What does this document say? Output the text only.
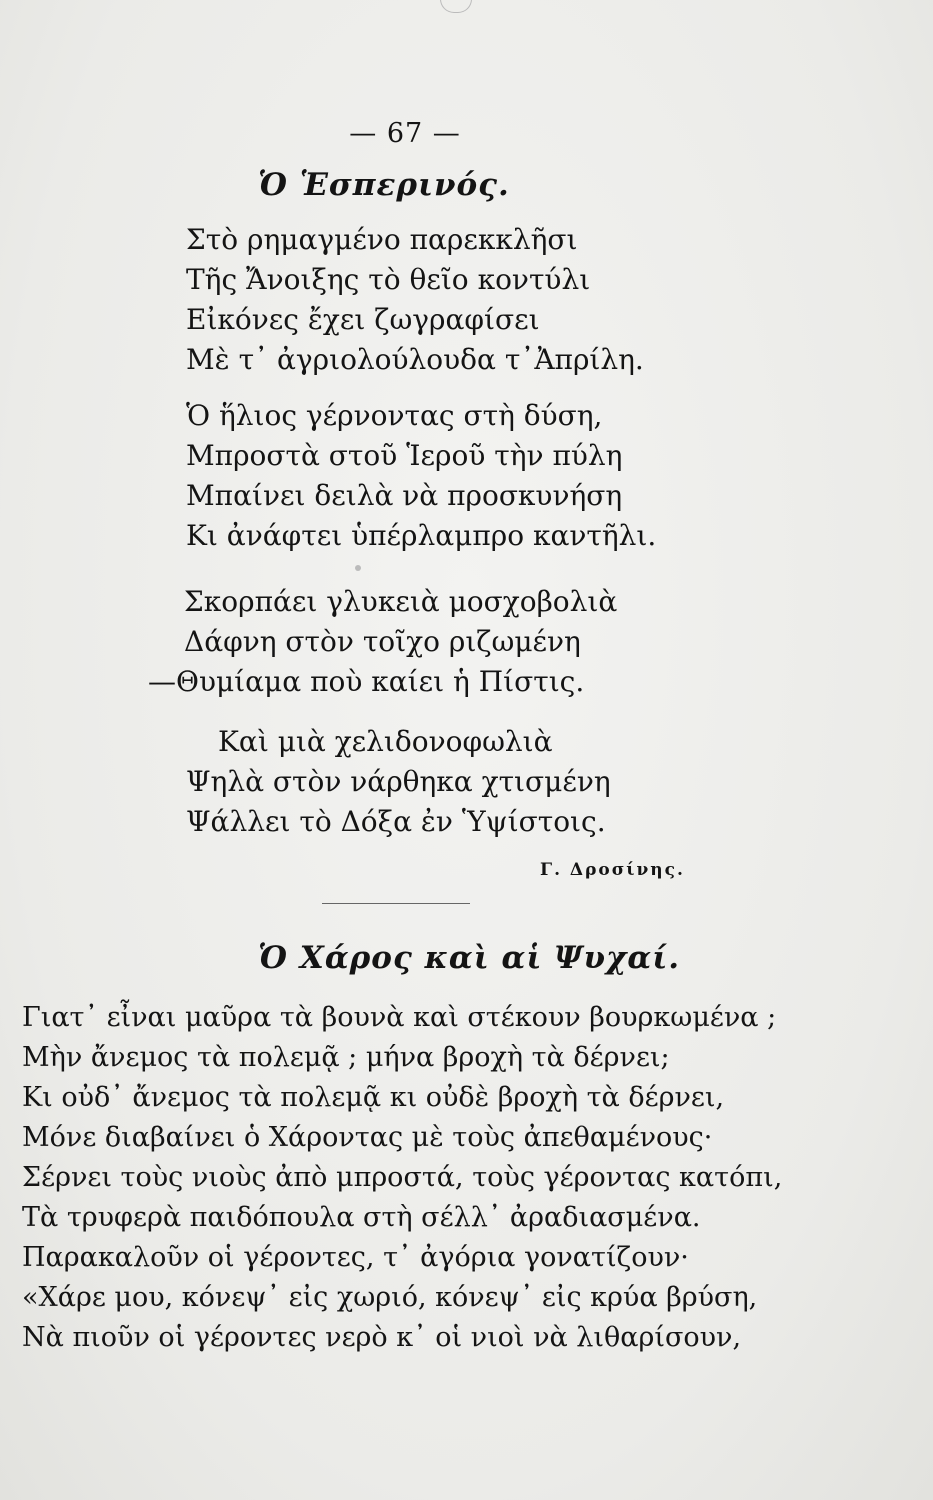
— 67 —
Ὁ Ἑσπερινός.
Στὸ ρημαγμένο παρεκκλῆσι
Τῆς Ἄνοιξης τὸ θεῖο κοντύλι
Εἰκόνες ἔχει ζωγραφίσει
Μὲ τ᾽ ἀγριολούλουδα τ᾽Ἀπρίλη.
Ὁ ἥλιος γέρνοντας στὴ δύση,
Μπροστὰ στοῦ Ἱεροῦ τὴν πύλη
Μπαίνει δειλὰ νὰ προσκυνήση
Κι ἀνάφτει ὑπέρλαμπρο καντῆλι.
Σκορπάει γλυκειὰ μοσχοβολιὰ
Δάφνη στὸν τοῖχο ριζωμένη
—Θυμίαμα ποὺ καίει ἡ Πίστις.
Καὶ μιὰ χελιδονοφωλιὰ
Ψηλὰ στὸν νάρθηκα χτισμένη
Ψάλλει τὸ Δόξα ἐν Ὑψίστοις.
Γ. Δροσίνης.
Ὁ Χάρος καὶ αἱ Ψυχαί.
Γιατ᾽ εἶναι μαῦρα τὰ βουνὰ καὶ στέκουν βουρκωμένα ;
Μὴν ἄνεμος τὰ πολεμᾷ ; μήνα βροχὴ τὰ δέρνει;
Κι οὐδ᾽ ἄνεμος τὰ πολεμᾷ κι οὐδὲ βροχὴ τὰ δέρνει,
Μόνε διαβαίνει ὁ Χάροντας μὲ τοὺς ἀπεθαμένους·
Σέρνει τοὺς νιοὺς ἀπὸ μπροστά, τοὺς γέροντας κατόπι,
Τὰ τρυφερὰ παιδόπουλα στὴ σέλλ᾽ ἀραδιασμένα.
Παρακαλοῦν οἱ γέροντες, τ᾽ ἀγόρια γονατίζουν·
«Χάρε μου, κόνεψ᾽ εἰς χωριό, κόνεψ᾽ εἰς κρύα βρύση,
Νὰ πιοῦν οἱ γέροντες νερὸ κ᾽ οἱ νιοὶ νὰ λιθαρίσουν,
